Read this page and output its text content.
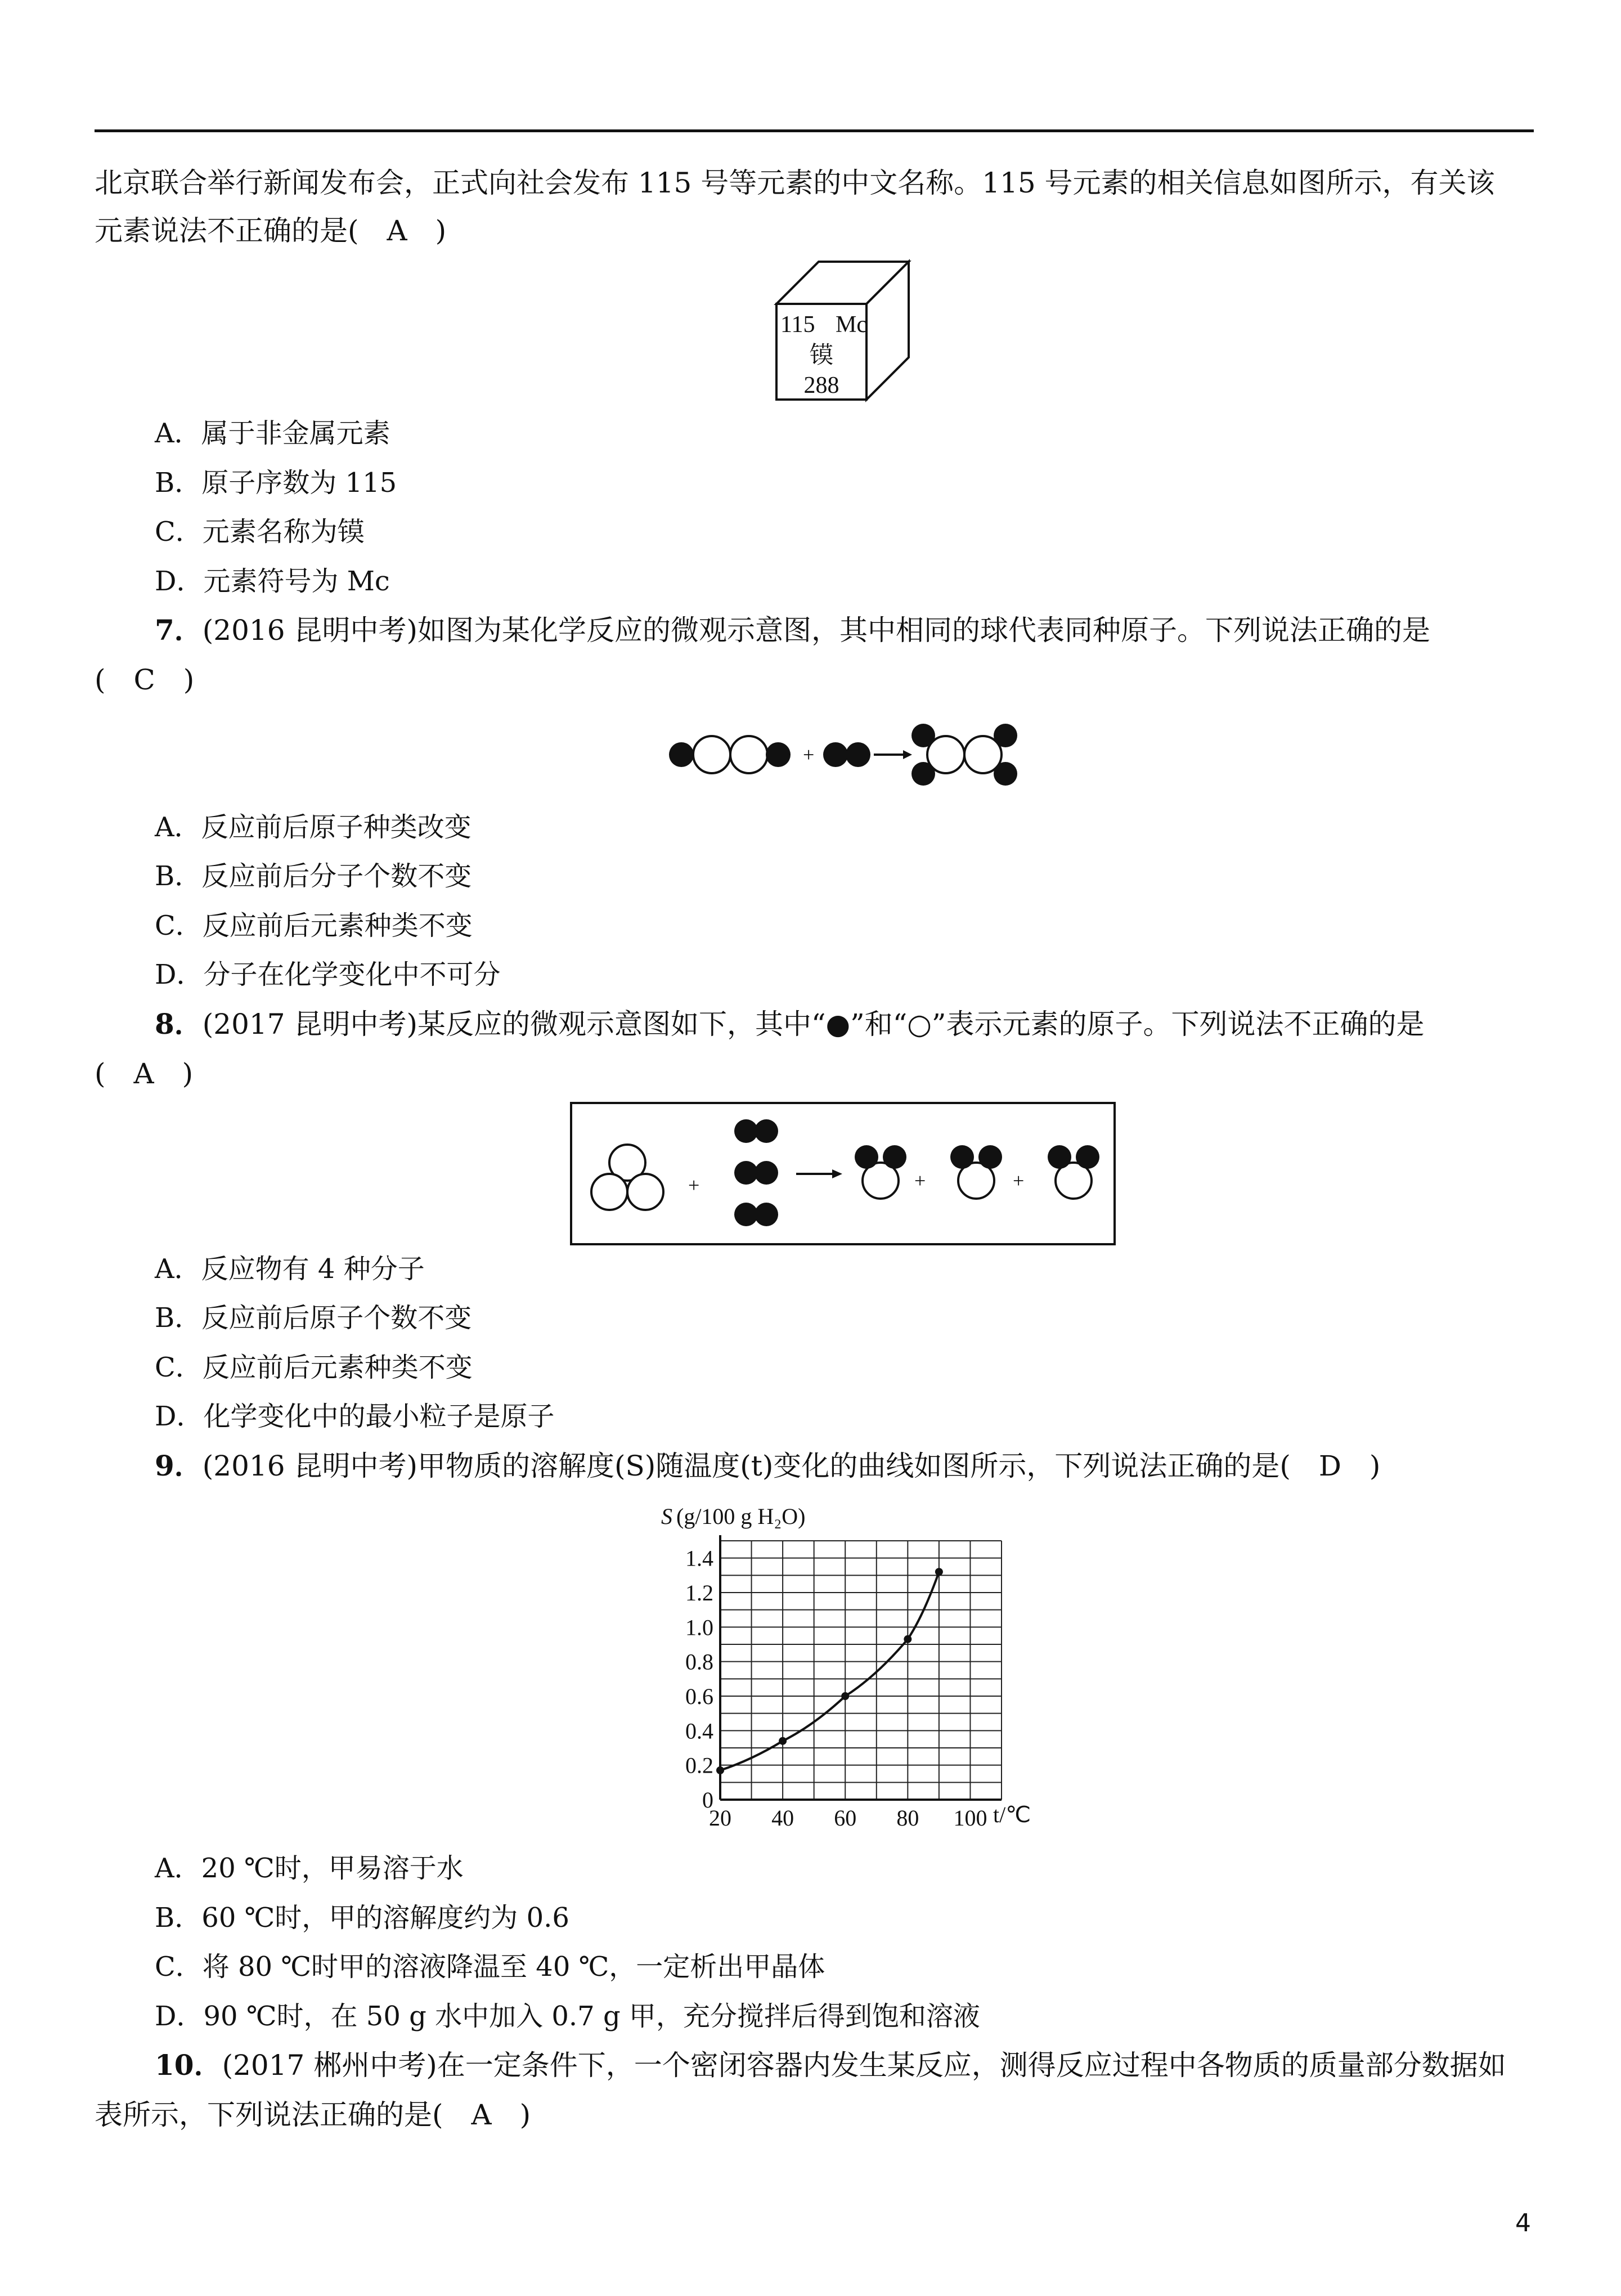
北京联合举行新闻发布会，正式向社会发布 115 号等元素的中文名称。115 号元素的相关信息如图所示，有关该
元素说法不正确的是(　A　)
115 Mc
镆
288
A．属于非金属元素
B．原子序数为 115
C．元素名称为镆
D．元素符号为 Mc
7．(2016 昆明中考)如图为某化学反应的微观示意图，其中相同的球代表同种原子。下列说法正确的是
(　C　)
+
A．反应前后原子种类改变
B．反应前后分子个数不变
C．反应前后元素种类不变
D．分子在化学变化中不可分
8．(2017 昆明中考)某反应的微观示意图如下，其中“●”和“○”表示元素的原子。下列说法不正确的是
(　A　)
+	+	+
A．反应物有 4 种分子
B．反应前后原子个数不变
C．反应前后元素种类不变
D．化学变化中的最小粒子是原子
9．(2016 昆明中考)甲物质的溶解度(S)随温度(t)变化的曲线如图所示，下列说法正确的是(　D　)
20 40 60 80 100
0
0.2
0.4
0.6
0.8
1.0
1.2
1.4
S (g/100 g H₂O)
t/℃
A．20 ℃时，甲易溶于水
B．60 ℃时，甲的溶解度约为 0.6
C．将 80 ℃时甲的溶液降温至 40 ℃，一定析出甲晶体
D．90 ℃时，在 50 g 水中加入 0.7 g 甲，充分搅拌后得到饱和溶液
10．(2017 郴州中考)在一定条件下，一个密闭容器内发生某反应，测得反应过程中各物质的质量部分数据如
表所示，下列说法正确的是(　A　)
4
